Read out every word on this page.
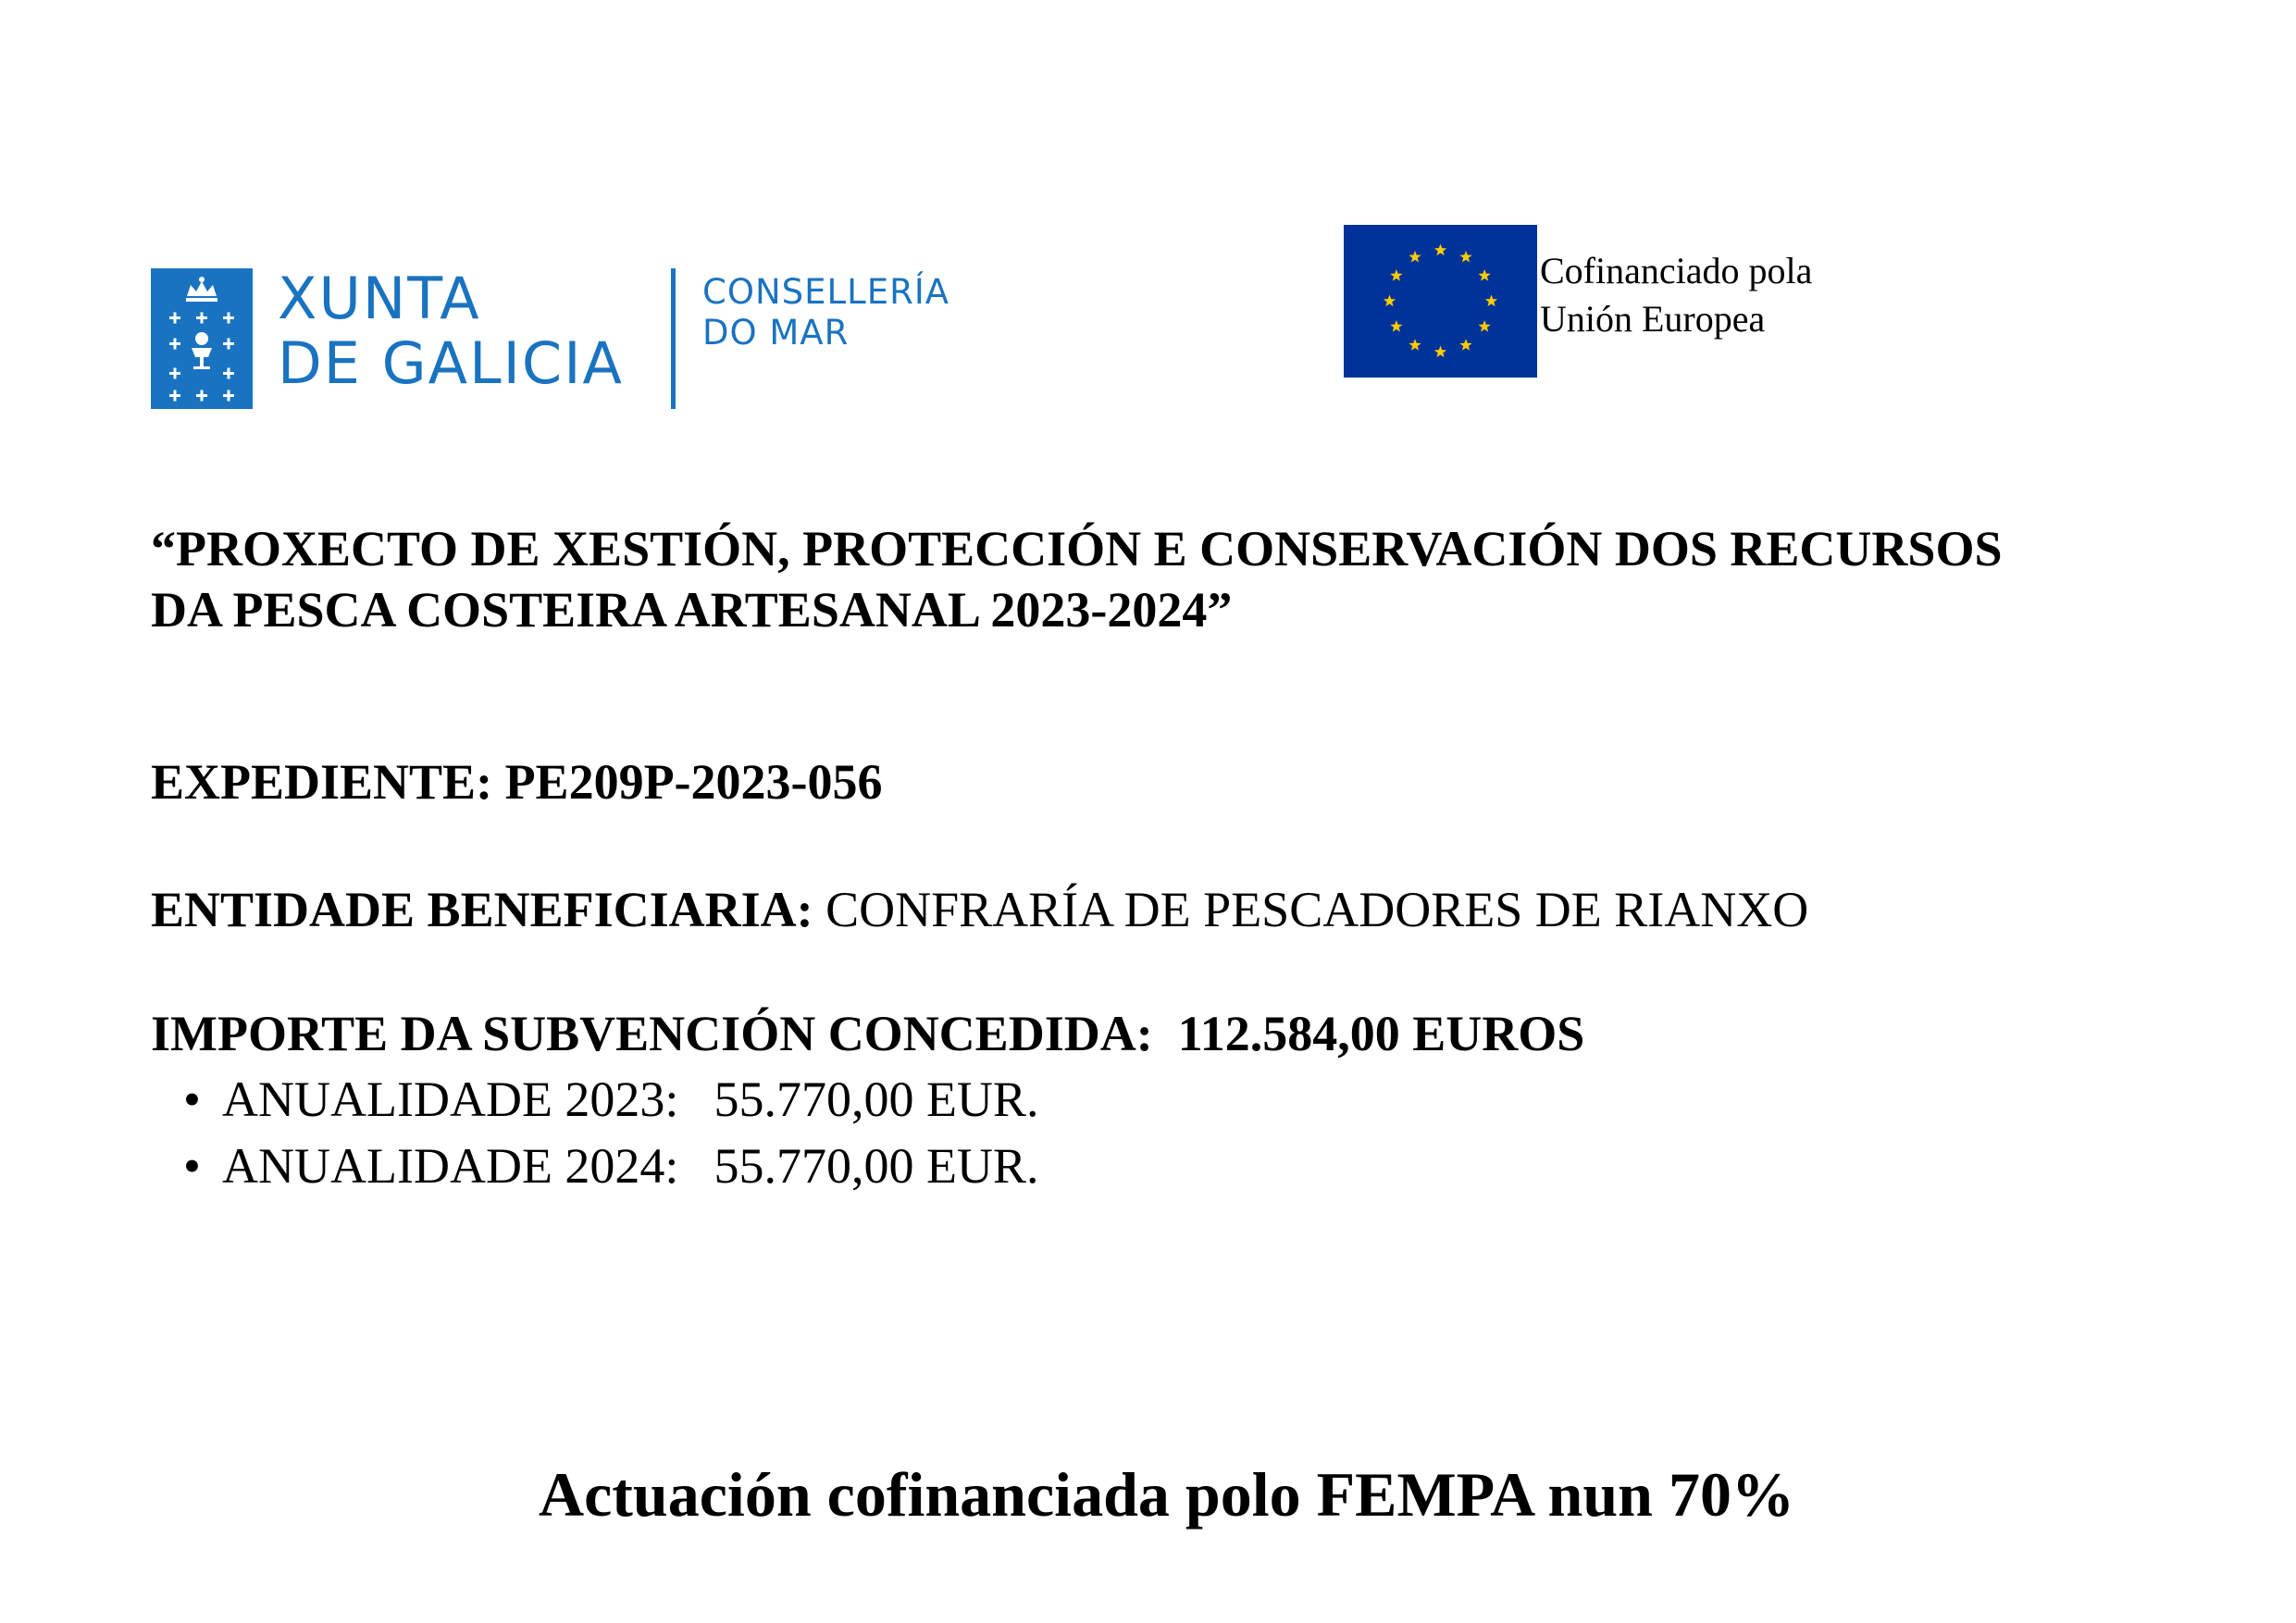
XUNTA
DE GALICIA
CONSELLERÍA
DO MAR
Cofinanciado pola
Unión Europea
“PROXECTO DE XESTIÓN, PROTECCIÓN E CONSERVACIÓN DOS RECURSOS
DA PESCA COSTEIRA ARTESANAL 2023-2024”
EXPEDIENTE: PE209P-2023-056
ENTIDADE BENEFICIARIA: CONFRARÍA DE PESCADORES DE RIANXO
IMPORTE DA SUBVENCIÓN CONCEDIDA: 112.584,00 EUROS
• ANUALIDADE 2023: 55.770,00 EUR.
• ANUALIDADE 2024: 55.770,00 EUR.
Actuación cofinanciada polo FEMPA nun 70%
